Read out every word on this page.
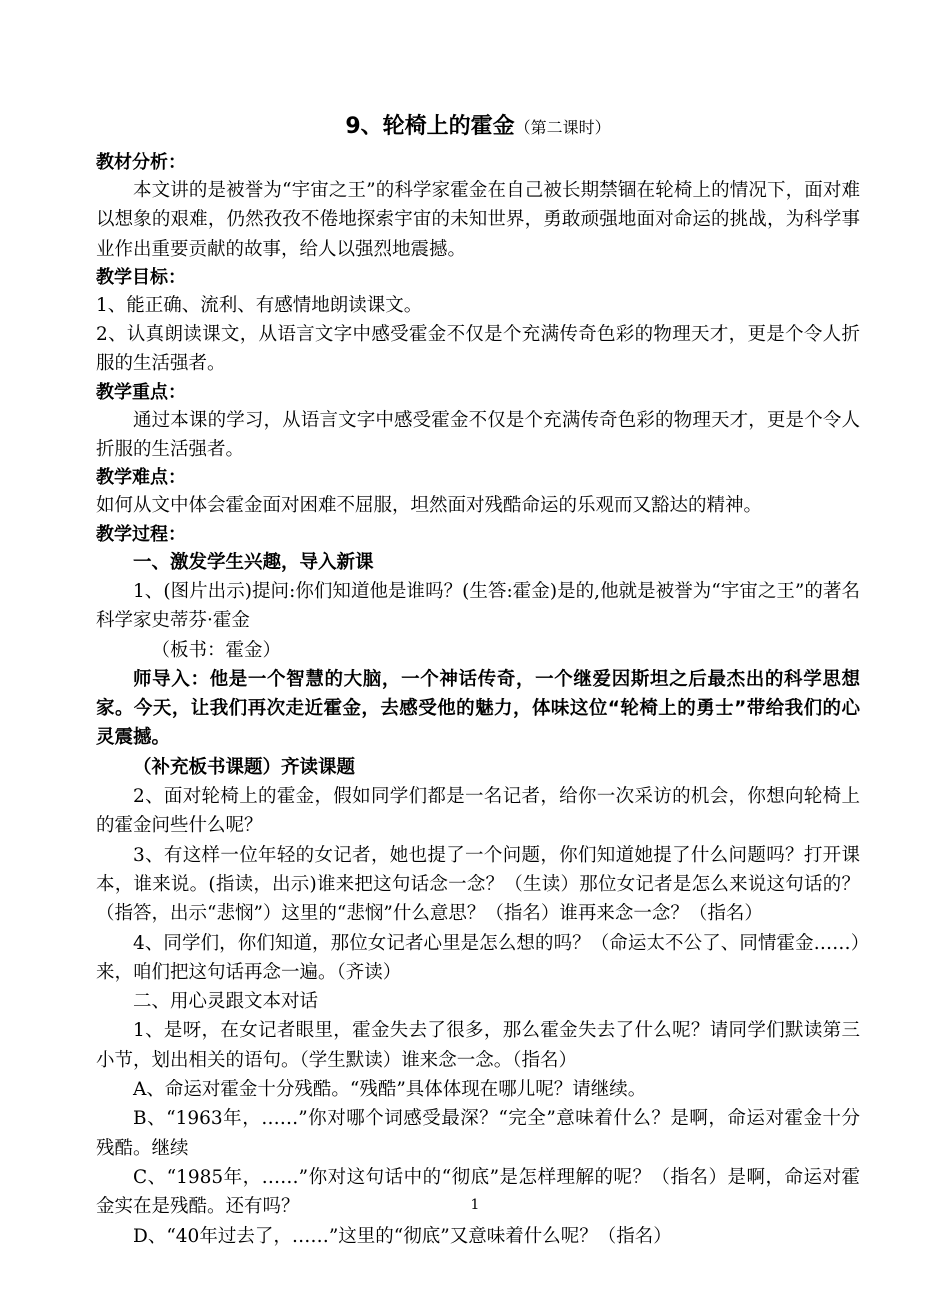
9、轮椅上的霍金（第二课时）

教材分析：

本文讲的是被誉为“宇宙之王”的科学家霍金在自己被长期禁锢在轮椅上的情况下，面对难以想象的艰难，仍然孜孜不倦地探索宇宙的未知世界，勇敢顽强地面对命运的挑战，为科学事业作出重要贡献的故事，给人以强烈地震撼。

教学目标：

1、能正确、流利、有感情地朗读课文。

2、认真朗读课文，从语言文字中感受霍金不仅是个充满传奇色彩的物理天才，更是个令人折服的生活强者。

教学重点：

通过本课的学习，从语言文字中感受霍金不仅是个充满传奇色彩的物理天才，更是个令人折服的生活强者。

教学难点：

如何从文中体会霍金面对困难不屈服，坦然面对残酷命运的乐观而又豁达的精神。

教学过程：

一、激发学生兴趣，导入新课

1、(图片出示)提问:你们知道他是谁吗？(生答:霍金)是的,他就是被誉为“宇宙之王”的著名科学家史蒂芬·霍金

（板书：霍金）

师导入：他是一个智慧的大脑，一个神话传奇，一个继爱因斯坦之后最杰出的科学思想家。今天，让我们再次走近霍金，去感受他的魅力，体味这位“轮椅上的勇士”带给我们的心灵震撼。

（补充板书课题）齐读课题

2、面对轮椅上的霍金，假如同学们都是一名记者，给你一次采访的机会，你想向轮椅上的霍金问些什么呢？

3、有这样一位年轻的女记者，她也提了一个问题，你们知道她提了什么问题吗？打开课本，谁来说。(指读，出示)谁来把这句话念一念？（生读）那位女记者是怎么来说这句话的？（指答，出示“悲悯”）这里的“悲悯”什么意思？（指名）谁再来念一念？（指名）

4、同学们，你们知道，那位女记者心里是怎么想的吗？（命运太不公了、同情霍金……）来，咱们把这句话再念一遍。（齐读）

二、用心灵跟文本对话

1、是呀，在女记者眼里，霍金失去了很多，那么霍金失去了什么呢？请同学们默读第三小节，划出相关的语句。（学生默读）谁来念一念。（指名）

A、命运对霍金十分残酷。“残酷”具体体现在哪儿呢？请继续。

B、“1963年，……”你对哪个词感受最深？“完全”意味着什么？是啊，命运对霍金十分残酷。继续

C、“1985年，……”你对这句话中的“彻底”是怎样理解的呢？（指名）是啊，命运对霍金实在是残酷。还有吗？

D、“40年过去了，……”这里的“彻底”又意味着什么呢？（指名）

1
